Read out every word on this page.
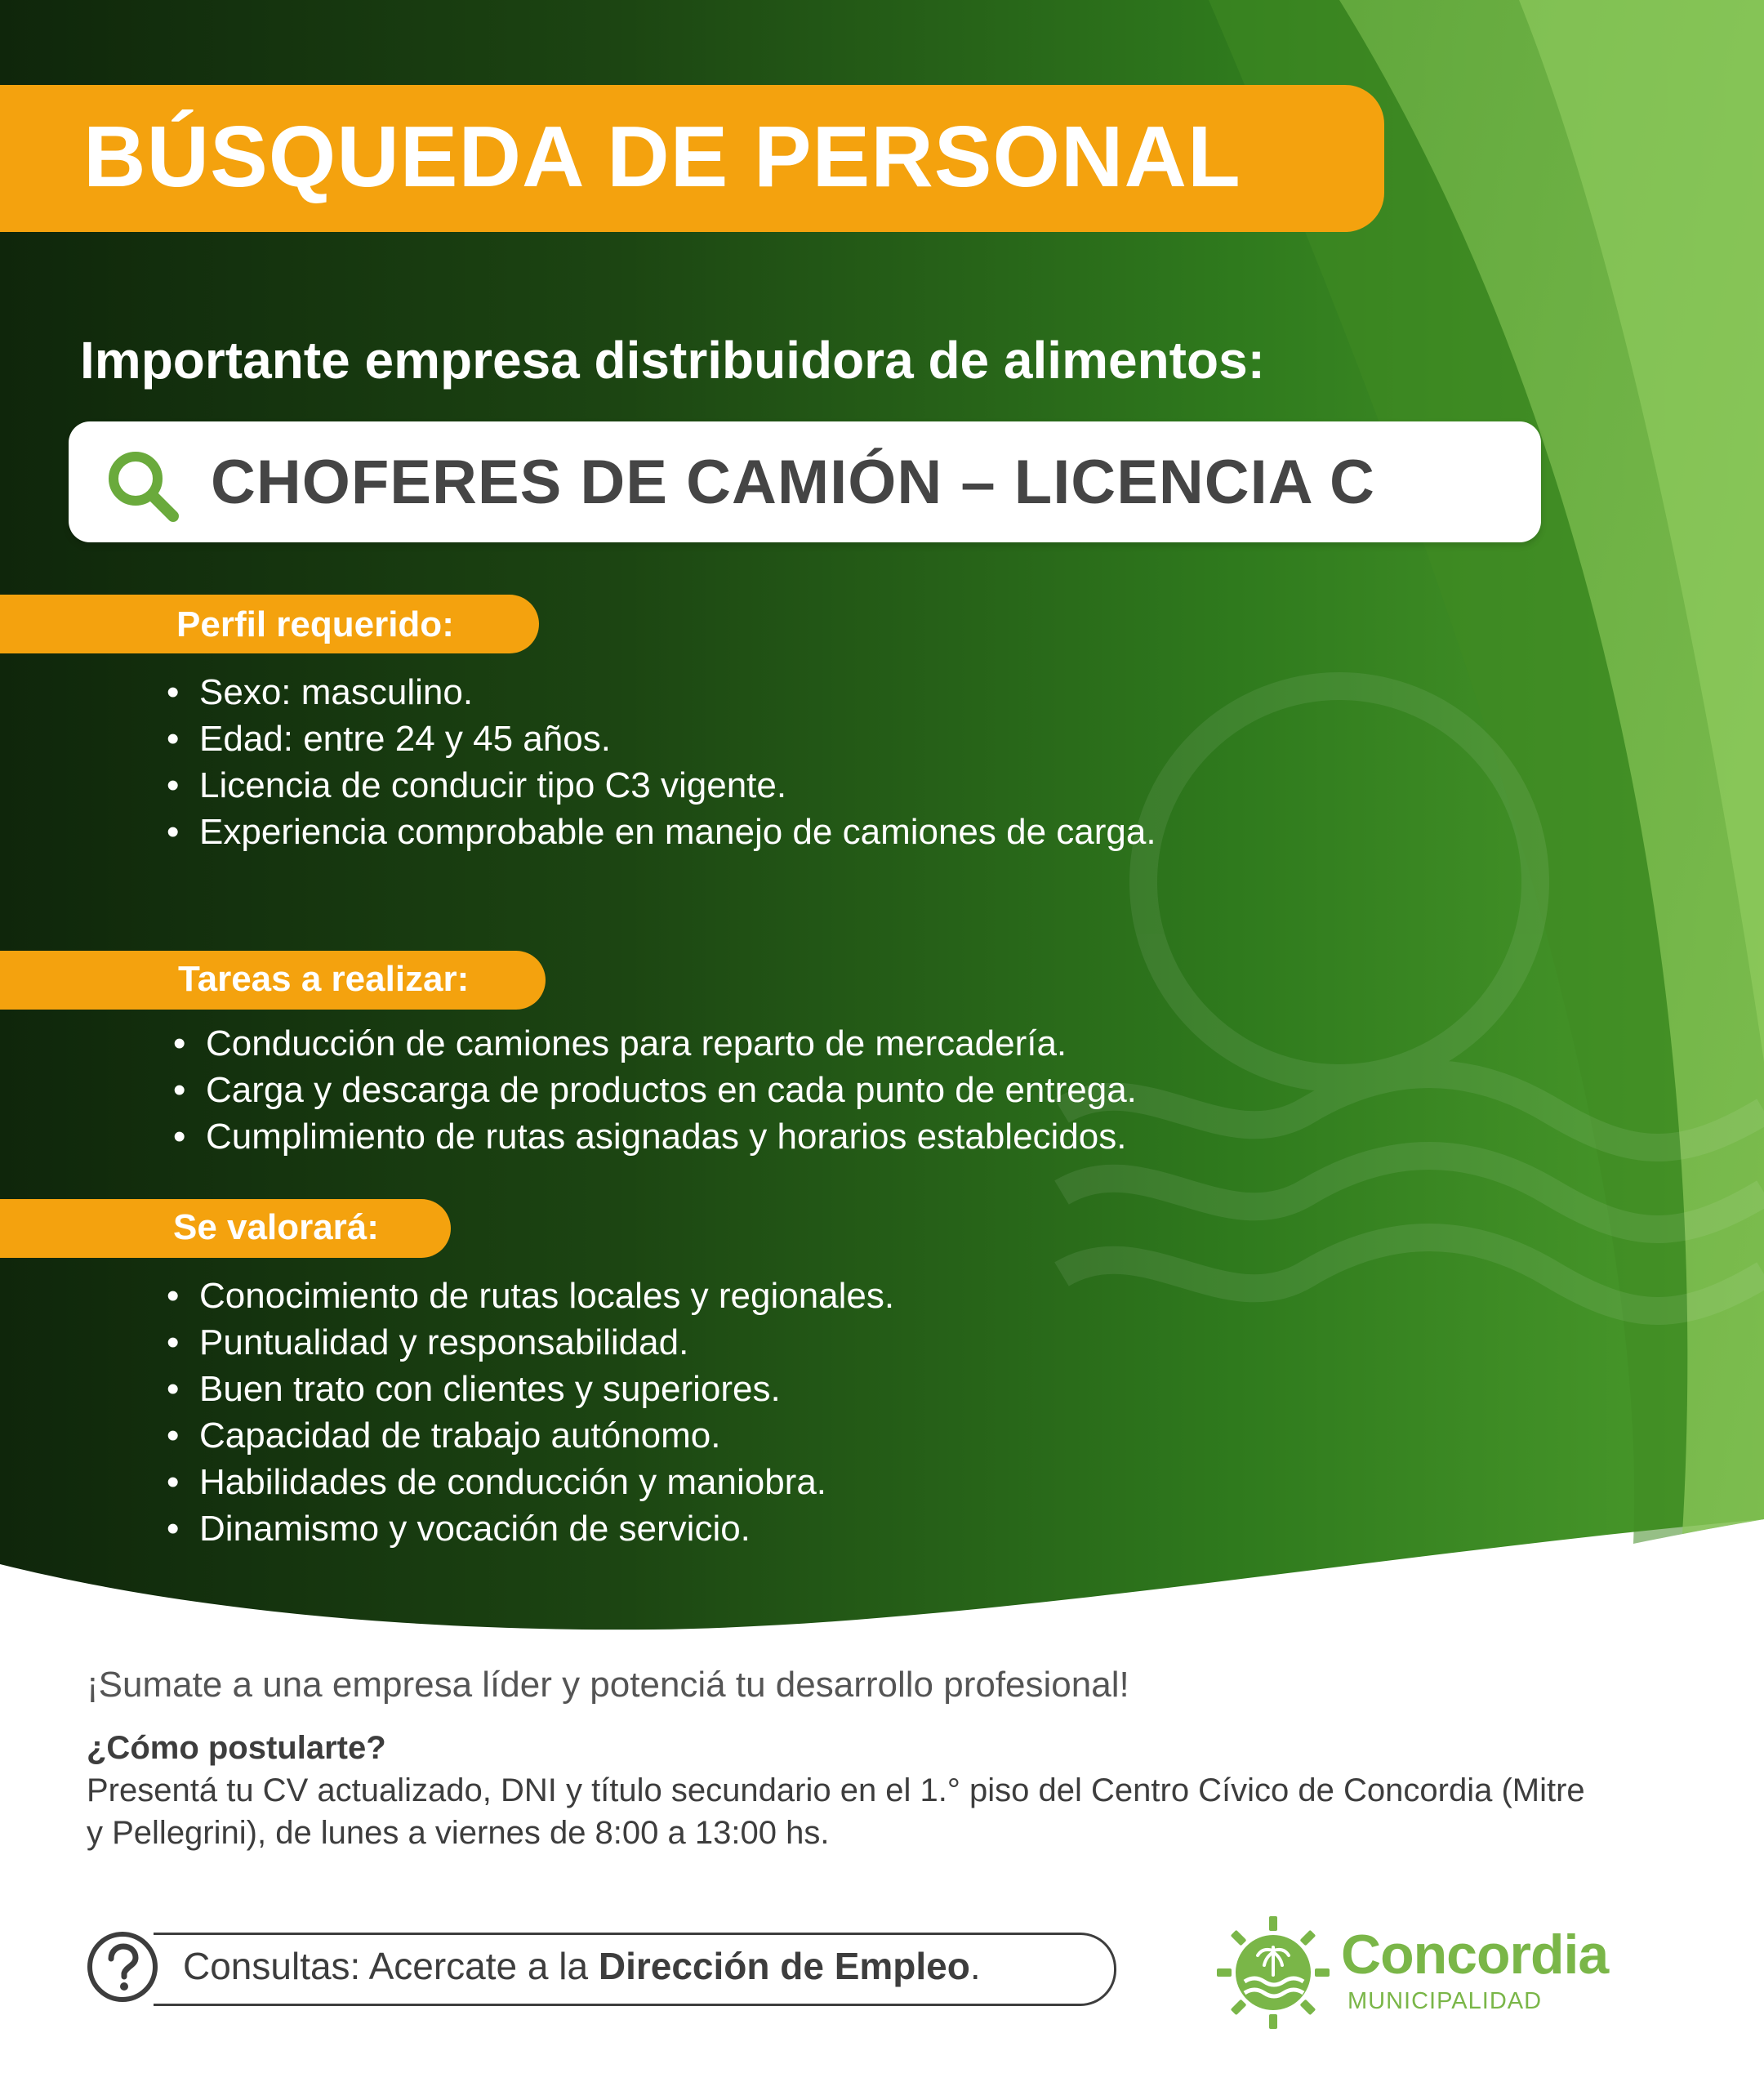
BÚSQUEDA DE PERSONAL
Importante empresa distribuidora de alimentos:
CHOFERES DE CAMIÓN – LICENCIA C
Perfil requerido:
• Sexo: masculino.
• Edad: entre 24 y 45 años.
• Licencia de conducir tipo C3 vigente.
• Experiencia comprobable en manejo de camiones de carga.
Tareas a realizar:
• Conducción de camiones para reparto de mercadería.
• Carga y descarga de productos en cada punto de entrega.
• Cumplimiento de rutas asignadas y horarios establecidos.
Se valorará:
• Conocimiento de rutas locales y regionales.
• Puntualidad y responsabilidad.
• Buen trato con clientes y superiores.
• Capacidad de trabajo autónomo.
• Habilidades de conducción y maniobra.
• Dinamismo y vocación de servicio.
¡Sumate a una empresa líder y potenciá tu desarrollo profesional!
¿Cómo postularte?
Presentá tu CV actualizado, DNI y título secundario en el 1.° piso del Centro Cívico de Concordia (Mitre y Pellegrini), de lunes a viernes de 8:00 a 13:00 hs.
Consultas: Acercate a la Dirección de Empleo.	Concordia
MUNICIPALIDAD
